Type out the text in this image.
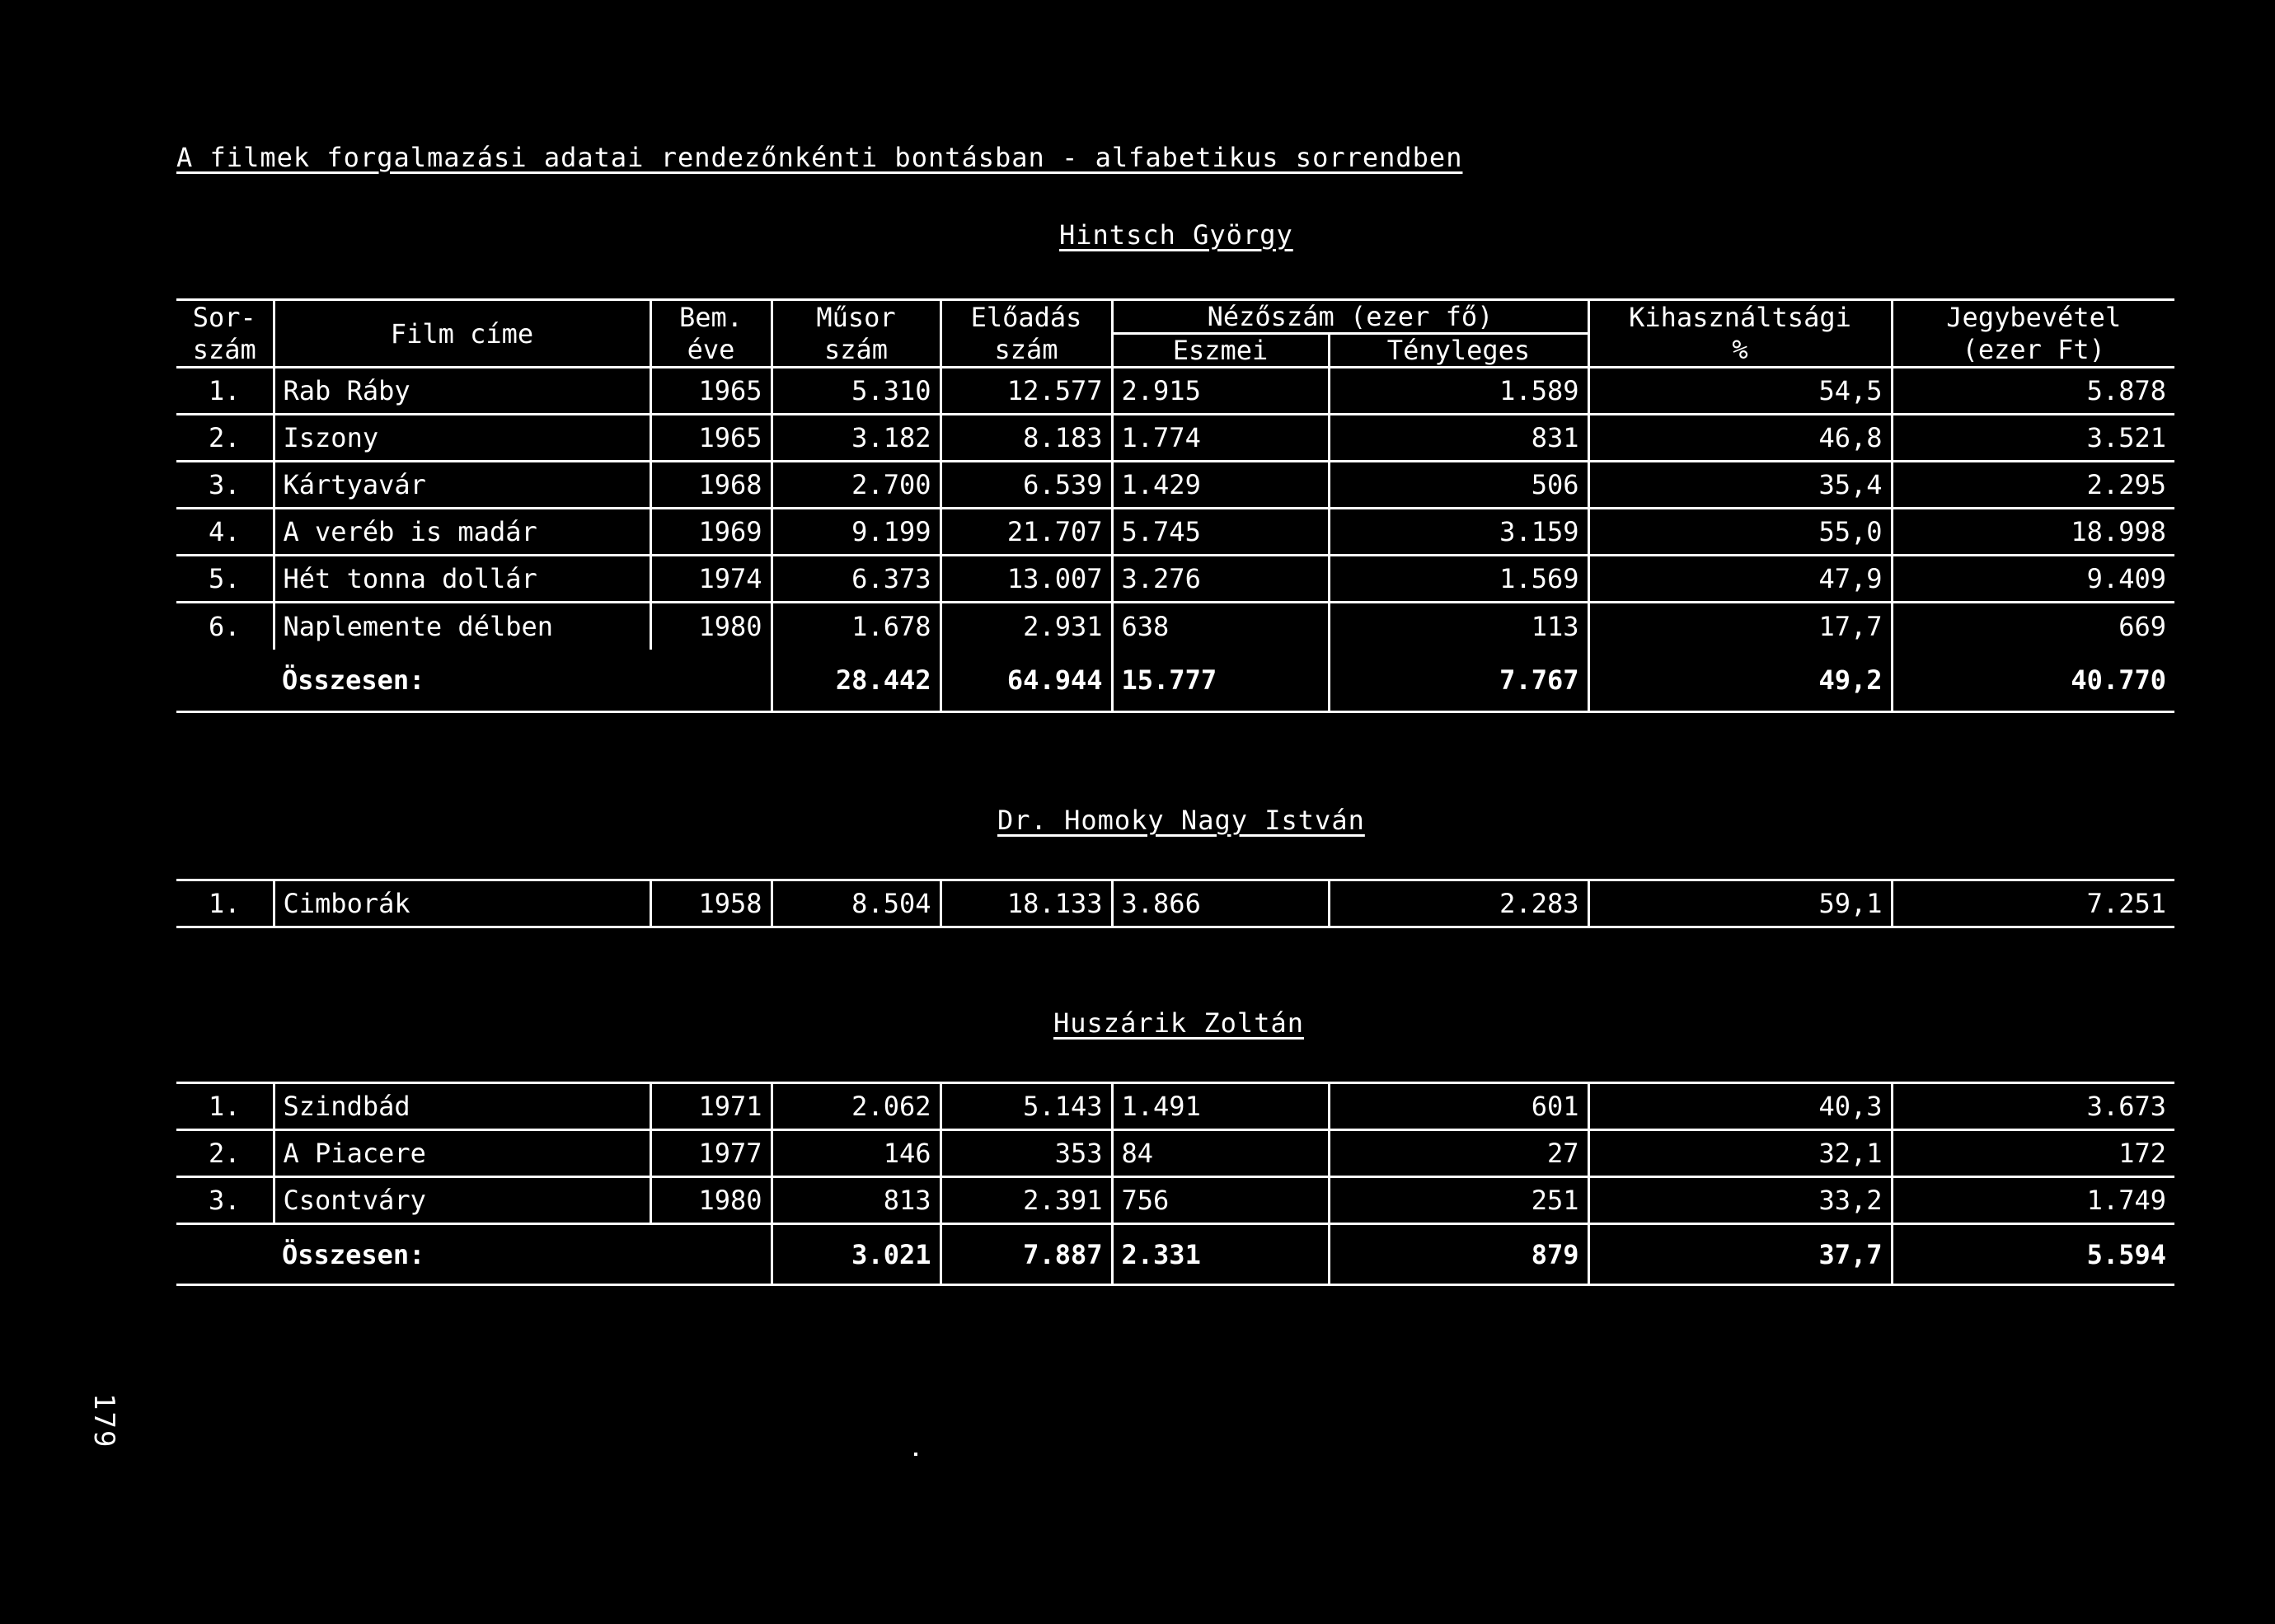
A filmek forgalmazási adatai rendezőnkénti bontásban - alfabetikus sorrendben
Hintsch György
Sor-	Film címe	Bem.	Műsor	Előadás	Nézőszám (ezer fő)		Kihasználtsági	Jegybevétel
szám		éve	szám	szám	Eszmei	Tényleges	%	(ezer Ft)
1.	Rab Ráby	1965	5.310	12.577	2.915	1.589	54,5	5.878
2.	Iszony	1965	3.182	8.183	1.774	831	46,8	3.521
3.	Kártyavár	1968	2.700	6.539	1.429	506	35,4	2.295
4.	A veréb is madár	1969	9.199	21.707	5.745	3.159	55,0	18.998
5.	Hét tonna dollár	1974	6.373	13.007	3.276	1.569	47,9	9.409
6.	Naplemente délben	1980	1.678	2.931	638	113	17,7	669
	Összesen:		28.442	64.944	15.777	7.767	49,2	40.770
Dr. Homoky Nagy István
1.	Cimborák	1958	8.504	18.133	3.866	2.283	59,1	7.251
Huszárik Zoltán
1.	Szindbád	1971	2.062	5.143	1.491	601	40,3	3.673
2.	A Piacere	1977	146	353	84	27	32,1	172
3.	Csontváry	1980	813	2.391	756	251	33,2	1.749
	Összesen:		3.021	7.887	2.331	879	37,7	5.594
179
